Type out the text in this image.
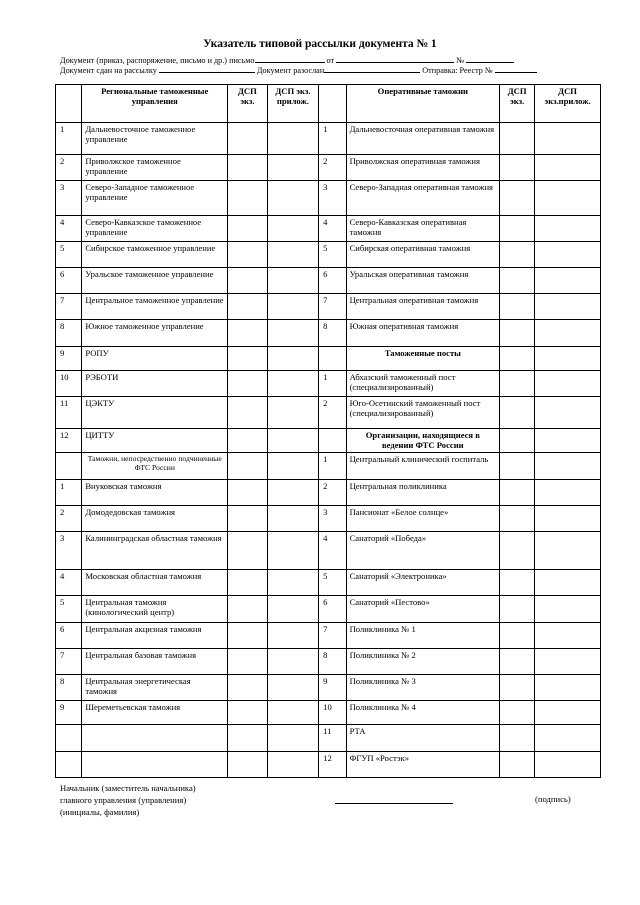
Указатель типовой рассылки документа № 1
Документ (приказ, распоряжение, письмо и др.) письмо	от	№
Документ сдан на рассылку	Документ разослан	Отправка: Реестр №
	Региональные таможенные управления	ДСП экз.	ДСП экз. прилож.		Оперативные таможни	ДСП экз.	ДСП экз.прилож.
1	Дальневосточное таможенное управление			1	Дальневосточная оперативная таможня		
2	Приволжское таможенное управление			2	Приволжская оперативная таможня		
3	Северо-Западное таможенное управление			3	Северо-Западная оперативная таможня		
4	Северо-Кавказское таможенное управление			4	Северо-Кавказская оперативная таможня		
5	Сибирское таможенное управление			5	Сибирская оперативная таможня		
6	Уральское таможенное управление			6	Уральская оперативная таможня		
7	Центральное таможенное управление			7	Центральная оперативная таможня		
8	Южное таможенное управление			8	Южная оперативная таможня		
9	РОПУ				Таможенные посты		
10	РЭБОТИ			1	Абхазский таможенный пост (специализированный)		
11	ЦЭКТУ			2	Юго-Осетинский таможенный пост (специализированный)		
12	ЦИТТУ				Организации, находящиеся в ведении ФТС России		
	Таможни, непосредственно подчиненные ФТС России			1	Центральный клинический госпиталь		
1	Внуковская таможня			2	Центральная поликлиника		
2	Домодедовская таможня			3	Пансионат «Белое солнце»		
3	Калининградская областная таможня			4	Санаторий «Победа»		
4	Московская областная таможня			5	Санаторий «Электроника»		
5	Центральная таможня (кинологический центр)			6	Санаторий «Пестово»		
6	Центральная акцизная таможня			7	Поликлиника № 1		
7	Центральная базовая таможня			8	Поликлиника № 2		
8	Центральная энергетическая таможня			9	Поликлиника № 3		
9	Шереметьевская таможня			10	Поликлиника № 4		
				11	РТА		
				12	ФГУП «Ростэк»		
Начальник (заместитель начальника)
главного управления (управления)
(инициалы, фамилия)
(подпись)
